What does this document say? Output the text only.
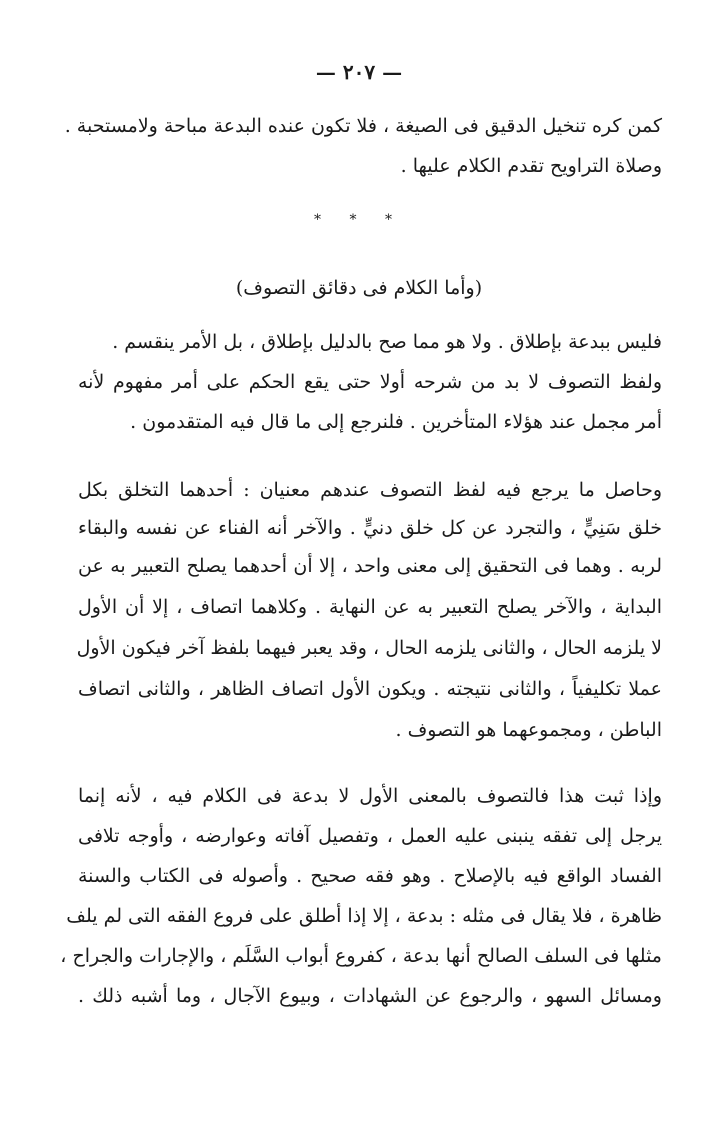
— ٢٠٧ —
كمن كره تنخيل الدقيق فى الصيغة ، فلا تكون عنده البدعة مباحة ولامستحبة .
وصلاة التراويح تقدم الكلام عليها .
* * *
(وأما الكلام فى دقائق التصوف)
فليس ببدعة بإطلاق . ولا هو مما صح بالدليل بإطلاق ، بل الأمر ينقسم .
ولفظ التصوف لا بد من شرحه أولا حتى يقع الحكم على أمر مفهوم لأنه
أمر مجمل عند هؤلاء المتأخرين . فلنرجع إلى ما قال فيه المتقدمون .
وحاصل ما يرجع فيه لفظ التصوف عندهم معنيان : أحدهما التخلق بكل
خلق سَنِيٍّ ، والتجرد عن كل خلق دنيٍّ . والآخر أنه الفناء عن نفسه والبقاء
لربه . وهما فى التحقيق إلى معنى واحد ، إلا أن أحدهما يصلح التعبير به عن
البداية ، والآخر يصلح التعبير به عن النهاية . وكلاهما اتصاف ، إلا أن الأول
لا يلزمه الحال ، والثانى يلزمه الحال ، وقد يعبر فيهما بلفظ آخر فيكون الأول
عملا تكليفياً ، والثانى نتيجته . ويكون الأول اتصاف الظاهر ، والثانى اتصاف
الباطن ، ومجموعهما هو التصوف .
وإذا ثبت هذا فالتصوف بالمعنى الأول لا بدعة فى الكلام فيه ، لأنه إنما
يرجل إلى تفقه ينبنى عليه العمل ، وتفصيل آفاته وعوارضه ، وأوجه تلافى
الفساد الواقع فيه بالإصلاح . وهو فقه صحيح . وأصوله فى الكتاب والسنة
ظاهرة ، فلا يقال فى مثله : بدعة ، إلا إذا أطلق على فروع الفقه التى لم يلف
مثلها فى السلف الصالح أنها بدعة ، كفروع أبواب السَّلَم ، والإجارات والجراح ،
ومسائل السهو ، والرجوع عن الشهادات ، وبيوع الآجال ، وما أشبه ذلك .
